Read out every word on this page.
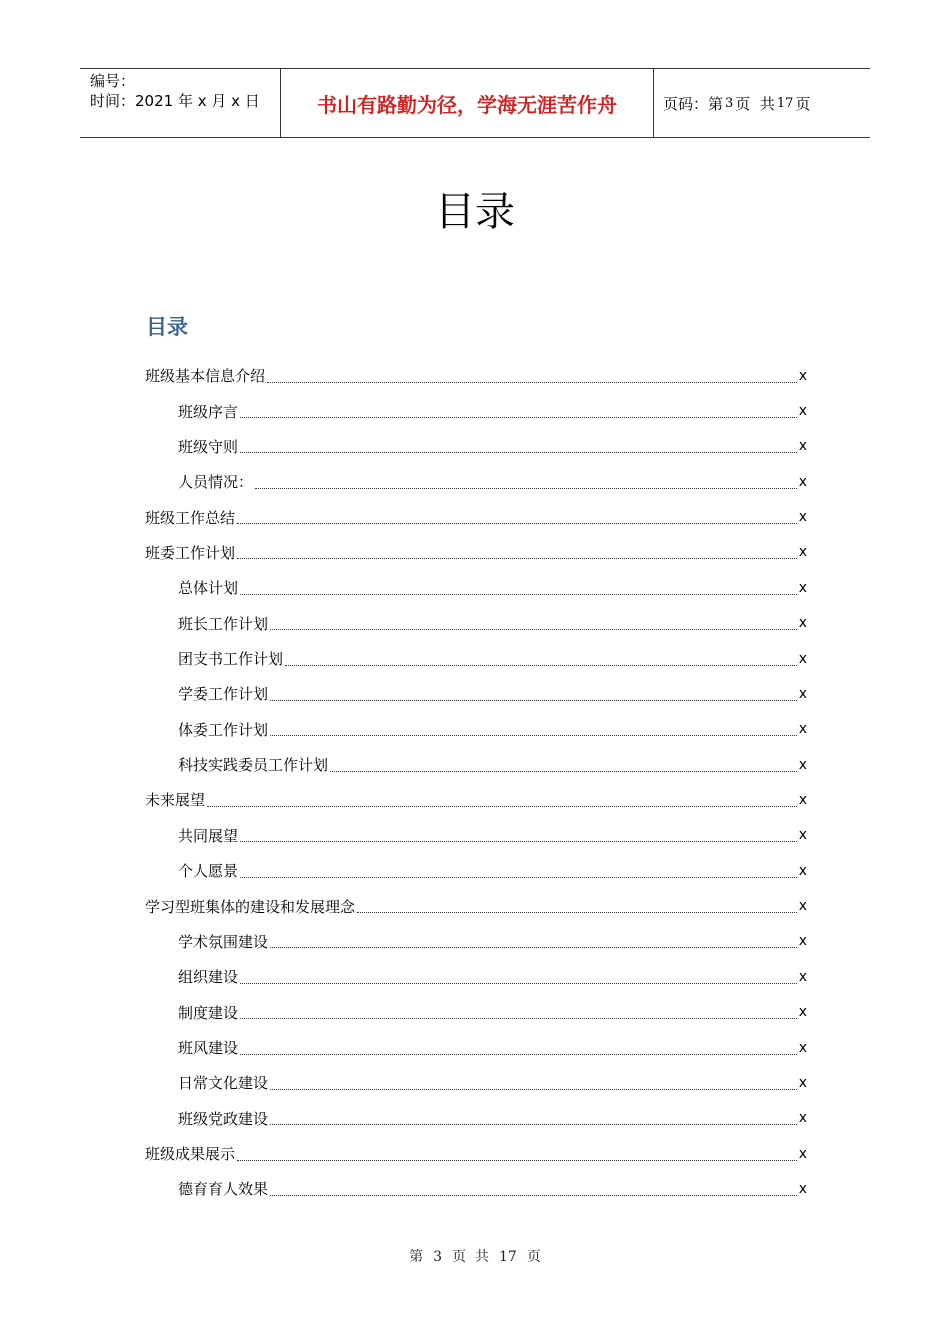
编号：
时间：2021 年 x 月 x 日	书山有路勤为径，学海无涯苦作舟	页码：第 3 页  共 17 页
目录
目录
班级基本信息介绍	x
班级序言	x
班级守则	x
人员情况：	x
班级工作总结	x
班委工作计划	x
总体计划	x
班长工作计划	x
团支书工作计划	x
学委工作计划	x
体委工作计划	x
科技实践委员工作计划	x
未来展望	x
共同展望	x
个人愿景	x
学习型班集体的建设和发展理念	x
学术氛围建设	x
组织建设	x
制度建设	x
班风建设	x
日常文化建设	x
班级党政建设	x
班级成果展示	x
德育育人效果	x
第 3 页  共 17 页
